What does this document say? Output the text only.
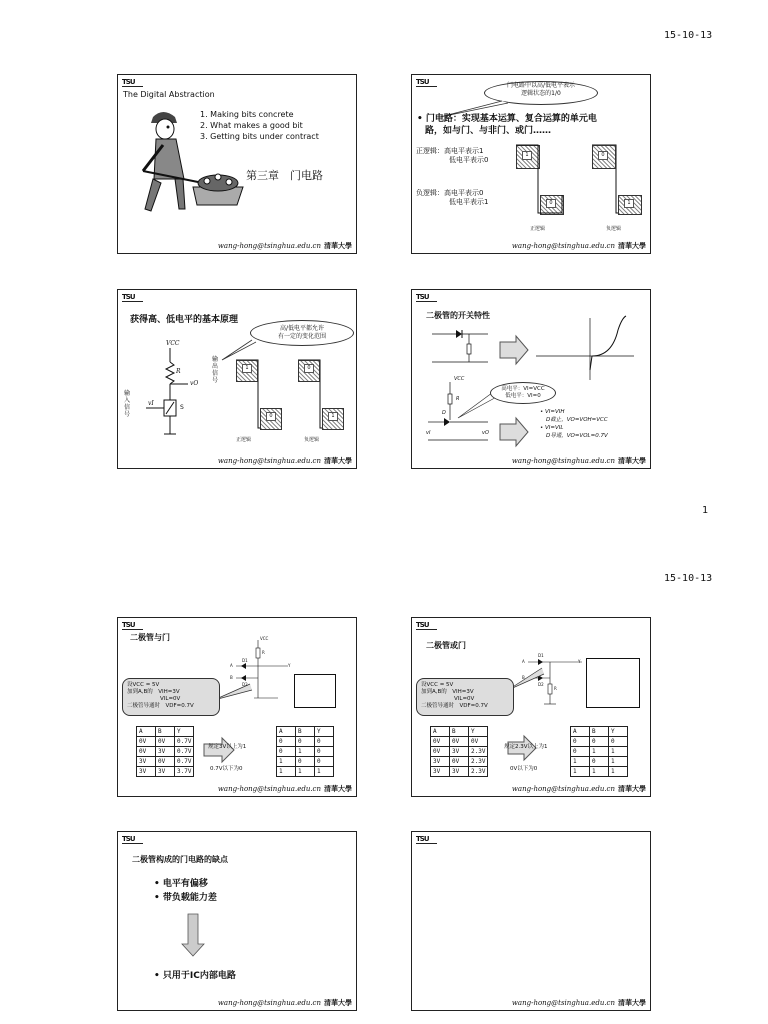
15-10-13
TSU
The Digital Abstraction
1. Making bits concrete
2. What makes a good bit
3. Getting bits under contract
第三章　门电路
wang-hong@tsinghua.edu.cn 清華大學
TSU	门电路中以高/低电平表示
逻辑状态的1/0
• 门电路：实现基本运算、复合运算的单元电
路，如与门、与非门、或门……
正逻辑：高电平表示1
低电平表示0
负逻辑：高电平表示0
低电平表示1
1
0
0
1
正逻辑	负逻辑
wang-hong@tsinghua.edu.cn 清華大學
TSU
获得高、低电平的基本原理
高/低电平都允许
有一定的变化范围
VCC
R
vO
vI
S
输入信号
输出信号
1
0
0
1
正逻辑	负逻辑
wang-hong@tsinghua.edu.cn 清華大學
TSU
二极管的开关特性
VCC
R
D
vI	vO
高电平：VI=VCC
低电平：VI=0
• VI=VIH
D截止，VO=VOH=VCC
• VI=VIL
D导通，VO=VOL=0.7V
wang-hong@tsinghua.edu.cn 清華大學
1
15-10-13
TSU
二极管与门	VCC
R
A
B
Y
D1
D2
设VCC = 5V
加到A,B的　VIH=3V
　　　　　　VIL=0V
二极管导通时　VDF=0.7V
A	B	Y
0V	0V	0.7V
0V	3V	0.7V
3V	0V	0.7V
3V	3V	3.7V
规定3V以上为1
0.7V以下为0
A	B	Y
0	0	0
0	1	0
1	0	0
1	1	1
wang-hong@tsinghua.edu.cn 清華大學
TSU
二极管或门
A
B
Y
R
D1
D2
设VCC = 5V
加到A,B的　VIH=3V
　　　　　　VIL=0V
二极管导通时　VDF=0.7V
A	B	Y
0V	0V	0V
0V	3V	2.3V
3V	0V	2.3V
3V	3V	2.3V
规定2.3V以上为1
0V以下为0
A	B	Y
0	0	0
0	1	1
1	0	1
1	1	1
wang-hong@tsinghua.edu.cn 清華大學
TSU
二极管构成的门电路的缺点
• 电平有偏移
• 带负载能力差
• 只用于IC内部电路
wang-hong@tsinghua.edu.cn 清華大學
TSU
wang-hong@tsinghua.edu.cn 清華大學
